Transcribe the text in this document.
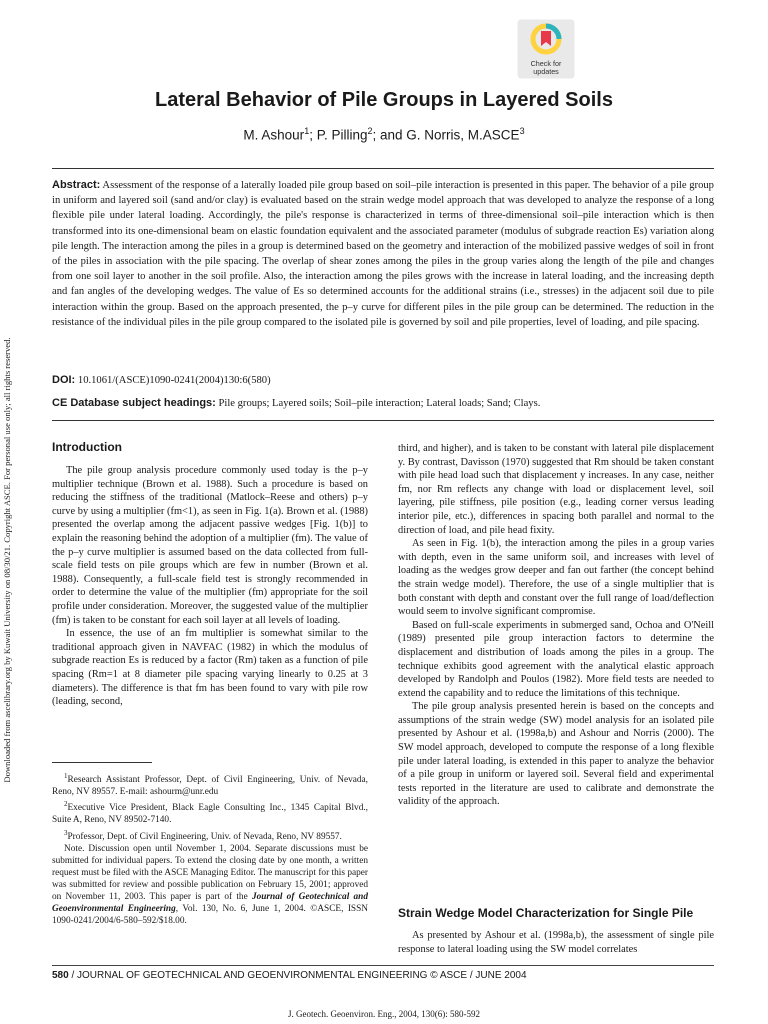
Downloaded from ascelibrary.org by Kuwait University on 08/30/21. Copyright ASCE. For personal use only; all rights reserved.
Check for
updates
Lateral Behavior of Pile Groups in Layered Soils
M. Ashour$^1$; P. Pilling$^2$; and G. Norris, M.ASCE$^3$
Abstract: Assessment of the response of a laterally loaded pile group based on soil–pile interaction is presented in this paper. The behavior of a pile group in uniform and layered soil (sand and/or clay) is evaluated based on the strain wedge model approach that was developed to analyze the response of a long flexible pile under lateral loading. Accordingly, the pile's response is characterized in terms of three-dimensional soil–pile interaction which is then transformed into its one-dimensional beam on elastic foundation equivalent and the associated parameter (modulus of subgrade reaction Es) variation along pile length. The interaction among the piles in a group is determined based on the geometry and interaction of the mobilized passive wedges of soil in front of the piles in association with the pile spacing. The overlap of shear zones among the piles in the group varies along the length of the pile and changes from one soil layer to another in the soil profile. Also, the interaction among the piles grows with the increase in lateral loading, and the increasing depth and fan angles of the developing wedges. The value of Es so determined accounts for the additional strains (i.e., stresses) in the adjacent soil due to pile interaction within the group. Based on the approach presented, the p–y curve for different piles in the pile group can be determined. The reduction in the resistance of the individual piles in the pile group compared to the isolated pile is governed by soil and pile properties, level of loading, and pile spacing.
DOI: 10.1061/(ASCE)1090-0241(2004)130:6(580)
CE Database subject headings: Pile groups; Layered soils; Soil–pile interaction; Lateral loads; Sand; Clays.
Introduction

The pile group analysis procedure commonly used today is the p–y multiplier technique (Brown et al. 1988). Such a procedure is based on reducing the stiffness of the traditional (Matlock–Reese and others) p–y curve by using a multiplier (fm<1), as seen in Fig. 1(a). Brown et al. (1988) presented the overlap among the adjacent passive wedges [Fig. 1(b)] to explain the reasoning behind the adoption of a multiplier (fm). The value of the p–y curve multiplier is assumed based on the data collected from full-scale field tests on pile groups which are few in number (Brown et al. 1988). Consequently, a full-scale field test is strongly recommended in order to determine the value of the multiplier (fm) appropriate for the soil profile under consideration. Moreover, the suggested value of the multiplier (fm) is taken to be constant for each soil layer at all levels of loading.

In essence, the use of an fm multiplier is somewhat similar to the traditional approach given in NAVFAC (1982) in which the modulus of subgrade reaction Es is reduced by a factor (Rm) taken as a function of pile spacing (Rm=1 at 8 diameter pile spacing varying linearly to 0.25 at 3 diameters). The difference is that fm has been found to vary with pile row (leading, second,

$^1$Research Assistant Professor, Dept. of Civil Engineering, Univ. of Nevada, Reno, NV 89557. E-mail: ashourm@unr.edu

$^2$Executive Vice President, Black Eagle Consulting Inc., 1345 Capital Blvd., Suite A, Reno, NV 89502-7140.

$^3$Professor, Dept. of Civil Engineering, Univ. of Nevada, Reno, NV 89557.

Note. Discussion open until November 1, 2004. Separate discussions must be submitted for individual papers. To extend the closing date by one month, a written request must be filed with the ASCE Managing Editor. The manuscript for this paper was submitted for review and possible publication on February 15, 2001; approved on November 11, 2003. This paper is part of the Journal of Geotechnical and Geoenvironmental Engineering, Vol. 130, No. 6, June 1, 2004. ©ASCE, ISSN 1090-0241/2004/6-580–592/$18.00.

third, and higher), and is taken to be constant with lateral pile displacement y. By contrast, Davisson (1970) suggested that Rm should be taken constant with pile head load such that displacement y increases. In any case, neither fm, nor Rm reflects any change with load or displacement level, soil layering, pile stiffness, pile position (e.g., leading corner versus leading interior pile, etc.), differences in spacing both parallel and normal to the direction of load, and pile head fixity.

As seen in Fig. 1(b), the interaction among the piles in a group varies with depth, even in the same uniform soil, and increases with level of loading as the wedges grow deeper and fan out farther (the concept behind the strain wedge model). Therefore, the use of a single multiplier that is both constant with depth and constant over the full range of load/deflection would seem to involve significant compromise.

Based on full-scale experiments in submerged sand, Ochoa and O'Neill (1989) presented pile group interaction factors to determine the displacement and distribution of loads among the piles in a group. The technique exhibits good agreement with the analytical elastic approach developed by Randolph and Poulos (1982). More field tests are needed to extend the capability and to reduce the limitations of this technique.

The pile group analysis presented herein is based on the concepts and assumptions of the strain wedge (SW) model analysis for an isolated pile presented by Ashour et al. (1998a,b) and Ashour and Norris (2000). The SW model approach, developed to compute the response of a long flexible pile under lateral loading, is extended in this paper to analyze the behavior of a pile group in uniform or layered soil. Several field and experimental tests reported in the literature are used to calibrate and demonstrate the validity of the approach.

Strain Wedge Model Characterization for Single Pile

As presented by Ashour et al. (1998a,b), the assessment of single pile response to lateral loading using the SW model correlates

580 / JOURNAL OF GEOTECHNICAL AND GEOENVIRONMENTAL ENGINEERING © ASCE / JUNE 2004
J. Geotech. Geoenviron. Eng., 2004, 130(6): 580-592
